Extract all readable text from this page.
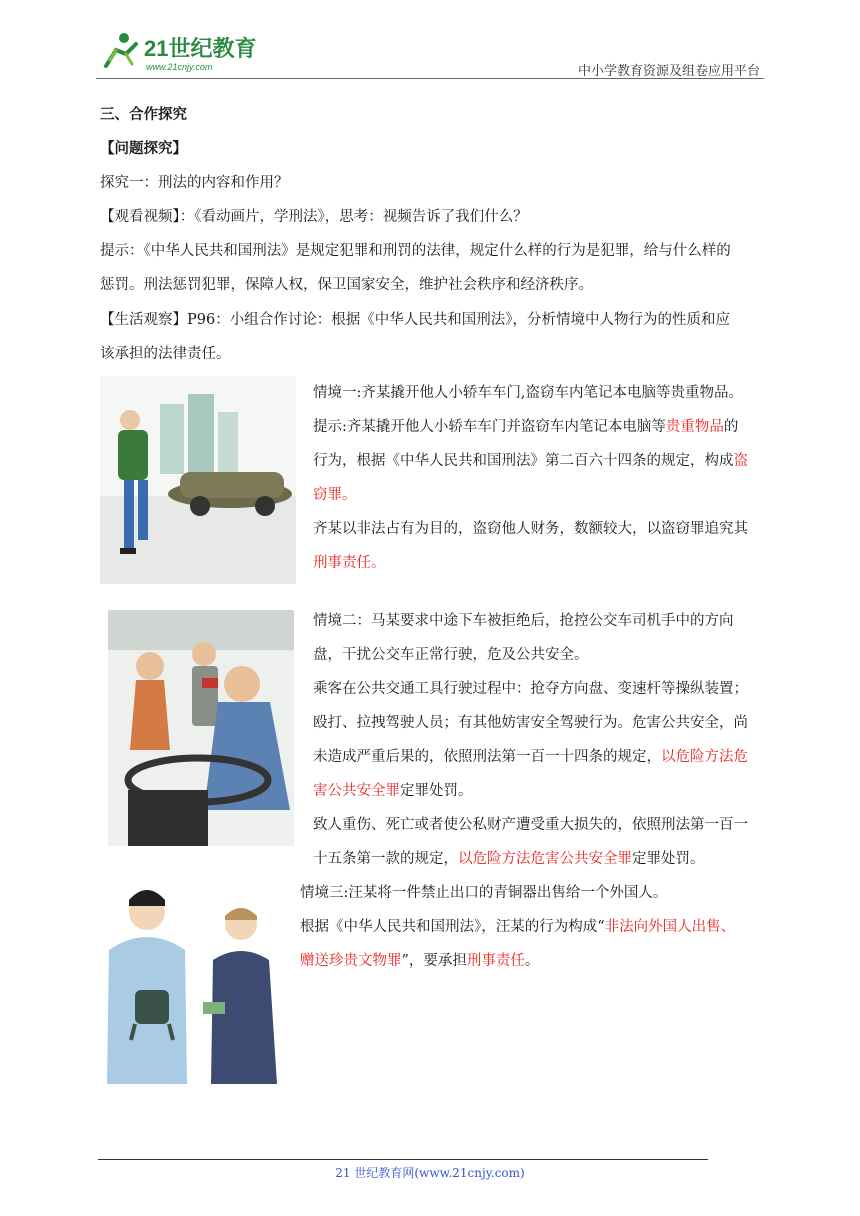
21世纪教育
www.21cnjy.com	中小学教育资源及组卷应用平台
三、合作探究
【问题探究】
探究一：刑法的内容和作用？
【观看视频】：《看动画片，学刑法》，思考：视频告诉了我们什么？
提示：《中华人民共和国刑法》是规定犯罪和刑罚的法律，规定什么样的行为是犯罪，给与什么样的
惩罚。刑法惩罚犯罪，保障人权，保卫国家安全，维护社会秩序和经济秩序。
【生活观察】P96：小组合作讨论：根据《中华人民共和国刑法》，分析情境中人物行为的性质和应
该承担的法律责任。
情境一:齐某撬开他人小轿车车门,盗窃车内笔记本电脑等贵重物品。
提示:齐某撬开他人小轿车车门并盗窃车内笔记本电脑等贵重物品的
行为，根据《中华人民共和国刑法》第二百六十四条的规定，构成盗
窃罪。
齐某以非法占有为目的，盗窃他人财务，数额较大，以盗窃罪追究其
刑事责任。
情境二：马某要求中途下车被拒绝后，抢控公交车司机手中的方向
盘，干扰公交车正常行驶，危及公共安全。
乘客在公共交通工具行驶过程中：抢夺方向盘、变速杆等操纵装置；
殴打、拉拽驾驶人员；有其他妨害安全驾驶行为。危害公共安全，尚
未造成严重后果的，依照刑法第一百一十四条的规定，以危险方法危
害公共安全罪定罪处罚。
致人重伤、死亡或者使公私财产遭受重大损失的，依照刑法第一百一
十五条第一款的规定，以危险方法危害公共安全罪定罪处罚。
情境三:汪某将一件禁止出口的青铜器出售给一个外国人。
根据《中华人民共和国刑法》，汪某的行为构成“非法向外国人出售、
赠送珍贵文物罪”，要承担刑事责任。
21 世纪教育网(www.21cnjy.com)
